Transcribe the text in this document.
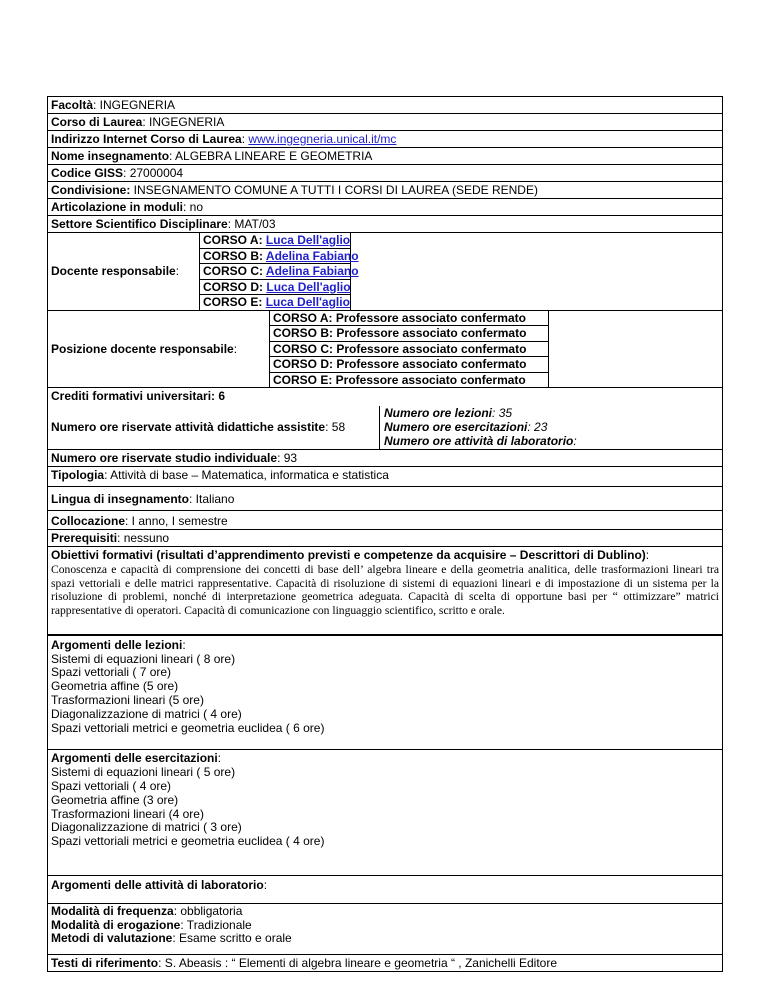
Facoltà: INGEGNERIA
Corso di Laurea: INGEGNERIA
Indirizzo Internet Corso di Laurea: www.ingegneria.unical.it/mc
Nome insegnamento: ALGEBRA LINEARE E GEOMETRIA
Codice GISS: 27000004
Condivisione: INSEGNAMENTO COMUNE A TUTTI I CORSI DI LAUREA (SEDE RENDE)
Articolazione in moduli: no
Settore Scientifico Disciplinare: MAT/03
Docente responsabile :
CORSO A: Luca Dell'aglio
CORSO B: Adelina Fabiano
CORSO C: Adelina Fabiano
CORSO D: Luca Dell'aglio
CORSO E: Luca Dell'aglio
Posizione docente responsabile :
CORSO A: Professore associato confermato
CORSO B: Professore associato confermato
CORSO C: Professore associato confermato
CORSO D: Professore associato confermato
CORSO E: Professore associato confermato
Crediti formativi universitari: 6
Numero ore riservate attività didattiche assistite : 58
Numero ore lezioni: 35
Numero ore esercitazioni: 23
Numero ore attività di laboratorio:
Numero ore riservate studio individuale: 93
Tipologia: Attività di base – Matematica, informatica e statistica
Lingua di insegnamento: Italiano
Collocazione: I anno, I semestre
Prerequisiti: nessuno
Obiettivi formativi (risultati d’apprendimento previsti e competenze da acquisire – Descrittori di Dublino):
Conoscenza e capacità di comprensione dei concetti di base dell’ algebra lineare e della geometria analitica, delle trasformazioni lineari tra spazi vettoriali e delle matrici rappresentative. Capacità di risoluzione di sistemi di equazioni lineari e di impostazione di un sistema per la risoluzione di problemi, nonché di interpretazione geometrica adeguata. Capacità di scelta di opportune basi per “ ottimizzare” matrici rappresentative di operatori. Capacità di comunicazione con linguaggio scientifico, scritto e orale.
Argomenti delle lezioni:
Sistemi di equazioni lineari ( 8 ore)
Spazi vettoriali ( 7 ore)
Geometria affine (5 ore)
Trasformazioni lineari (5 ore)
Diagonalizzazione di matrici ( 4 ore)
Spazi vettoriali metrici e geometria euclidea ( 6 ore)
Argomenti delle esercitazioni:
Sistemi di equazioni lineari ( 5 ore)
Spazi vettoriali ( 4 ore)
Geometria affine (3 ore)
Trasformazioni lineari (4 ore)
Diagonalizzazione di matrici ( 3 ore)
Spazi vettoriali metrici e geometria euclidea ( 4 ore)
Argomenti delle attività di laboratorio:
Modalità di frequenza: obbligatoria
Modalità di erogazione: Tradizionale
Metodi di valutazione: Esame scritto e orale
Testi di riferimento: S. Abeasis : “ Elementi di algebra lineare e geometria “ , Zanichelli Editore
